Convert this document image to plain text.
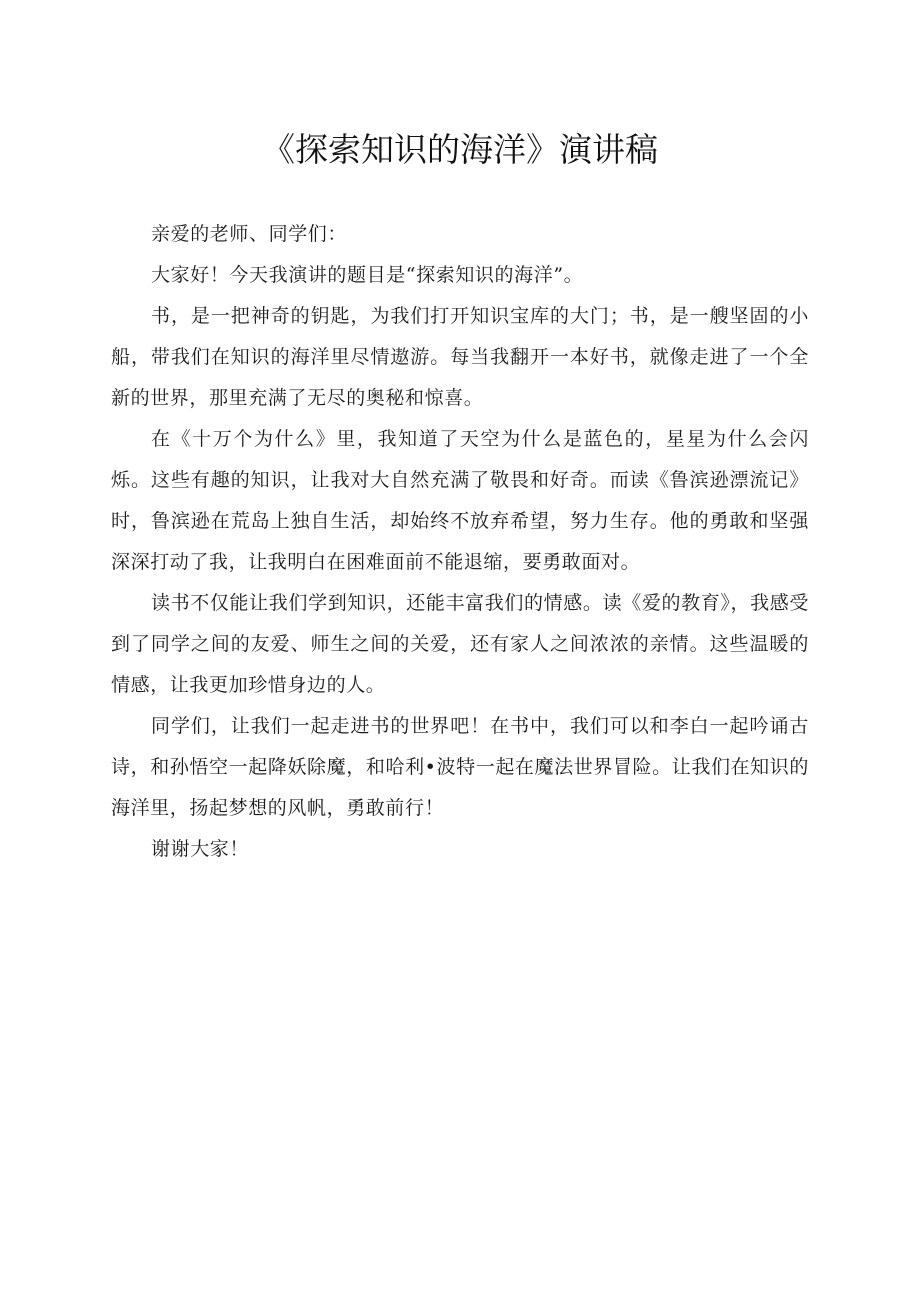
《探索知识的海洋》演讲稿

亲爱的老师、同学们：

大家好！今天我演讲的题目是“探索知识的海洋”。

书，是一把神奇的钥匙，为我们打开知识宝库的大门；书，是一艘坚固的小船，带我们在知识的海洋里尽情遨游。每当我翻开一本好书，就像走进了一个全新的世界，那里充满了无尽的奥秘和惊喜。

在《十万个为什么》里，我知道了天空为什么是蓝色的，星星为什么会闪烁。这些有趣的知识，让我对大自然充满了敬畏和好奇。而读《鲁滨逊漂流记》时，鲁滨逊在荒岛上独自生活，却始终不放弃希望，努力生存。他的勇敢和坚强深深打动了我，让我明白在困难面前不能退缩，要勇敢面对。

读书不仅能让我们学到知识，还能丰富我们的情感。读《爱的教育》，我感受到了同学之间的友爱、师生之间的关爱，还有家人之间浓浓的亲情。这些温暖的情感，让我更加珍惜身边的人。

同学们，让我们一起走进书的世界吧！在书中，我们可以和李白一起吟诵古诗，和孙悟空一起降妖除魔，和哈利•波特一起在魔法世界冒险。让我们在知识的海洋里，扬起梦想的风帆，勇敢前行！

谢谢大家！
